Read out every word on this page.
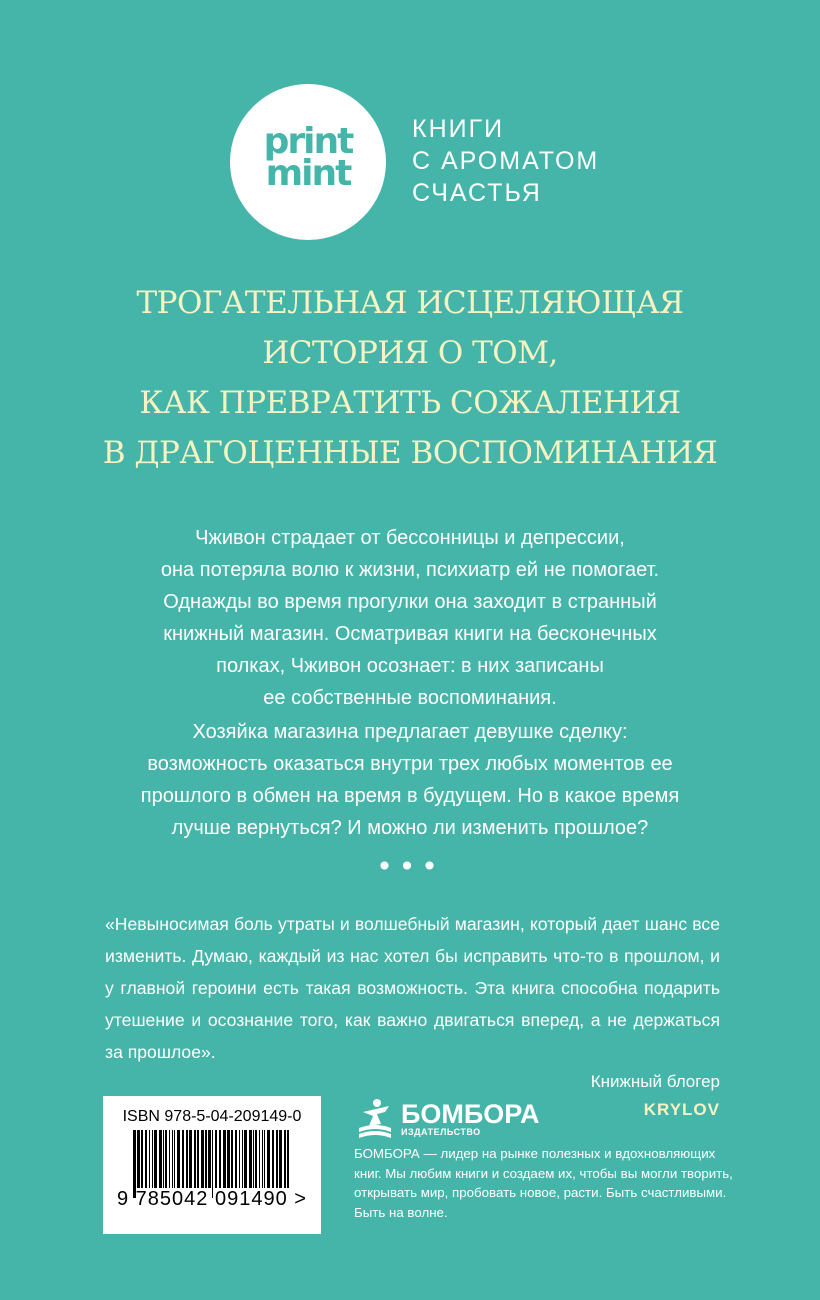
print
mint
КНИГИ
С АРОМАТОМ
СЧАСТЬЯ
ТРОГАТЕЛЬНАЯ ИСЦЕЛЯЮЩАЯ
ИСТОРИЯ О ТОМ,
КАК ПРЕВРАТИТЬ СОЖАЛЕНИЯ
В ДРАГОЦЕННЫЕ ВОСПОМИНАНИЯ
Чживон страдает от бессонницы и депрессии,
она потеряла волю к жизни, психиатр ей не помогает.
Однажды во время прогулки она заходит в странный
книжный магазин. Осматривая книги на бесконечных
полках, Чживон осознает: в них записаны
ее собственные воспоминания.
Хозяйка магазина предлагает девушке сделку:
возможность оказаться внутри трех любых моментов ее
прошлого в обмен на время в будущем. Но в какое время
лучше вернуться? И можно ли изменить прошлое?
•••
«Невыносимая боль утраты и волшебный магазин, который дает шанс все изменить. Думаю, каждый из нас хотел бы исправить что-то в прошлом, и у главной героини есть такая возможность. Эта книга способна подарить утешение и осознание того, как важно двигаться вперед, а не держаться за прошлое».
Книжный блогер
KRYLOV
ISBN 978-5-04-209149-0
9 785042 091490 >
БОМБОРА
ИЗДАТЕЛЬСТВО
БОМБОРА — лидер на рынке полезных и вдохновляющих книг. Мы любим книги и создаем их, чтобы вы могли творить, открывать мир, пробовать новое, расти. Быть счастливыми. Быть на волне.
